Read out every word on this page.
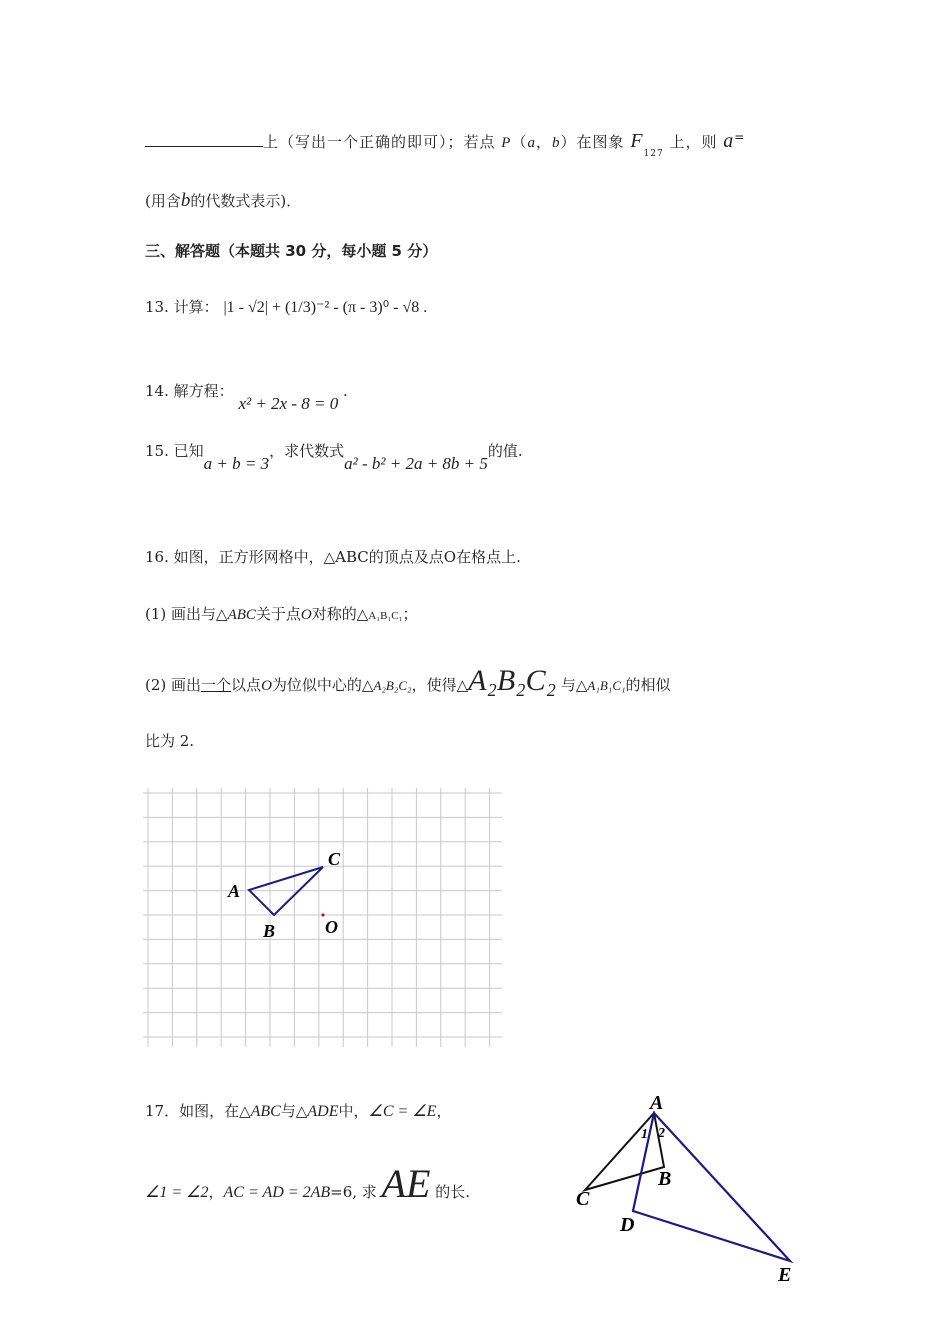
上（写出一个正确的即可）；若点 P（a，b）在图象 $F_{127}$ 上，则 a=
(用含b的代数式表示)．
三、解答题（本题共 30 分，每小题 5 分）
13. 计算： |1 - √2| + (1/3)⁻² - (π - 3)⁰ - √8 .
14. 解方程： x² + 2x - 8 = 0 .
15. 已知a + b = 3，求代数式a² - b² + 2a + 8b + 5的值.
16. 如图，正方形网格中，△ABC的顶点及点O在格点上.
(1) 画出与△ABC关于点O对称的△A₁B₁C₁；
(2) 画出一个以点O为位似中心的△A₂B₂C₂，使得△A₂B₂C₂ 与△A₁B₁C₁的相似
比为 2.
A
B
C
O
17．如图，在△ABC与△ADE中，∠C = ∠E，
∠1 = ∠2，AC = AD = 2AB=6, 求 AE 的长.
A
B
C
D
E
1 2
